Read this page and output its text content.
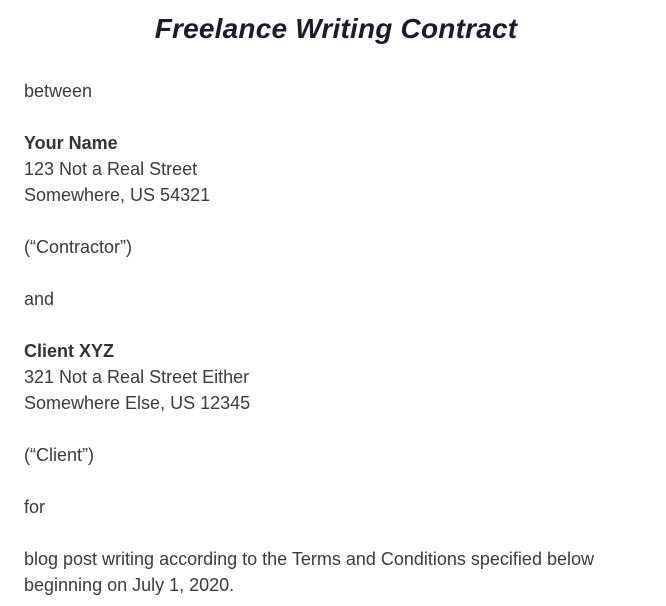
Freelance Writing Contract

between

Your Name
123 Not a Real Street
Somewhere, US 54321

(“Contractor”)

and

Client XYZ
321 Not a Real Street Either
Somewhere Else, US 12345

(“Client”)

for

blog post writing according to the Terms and Conditions specified below beginning on July 1, 2020.
